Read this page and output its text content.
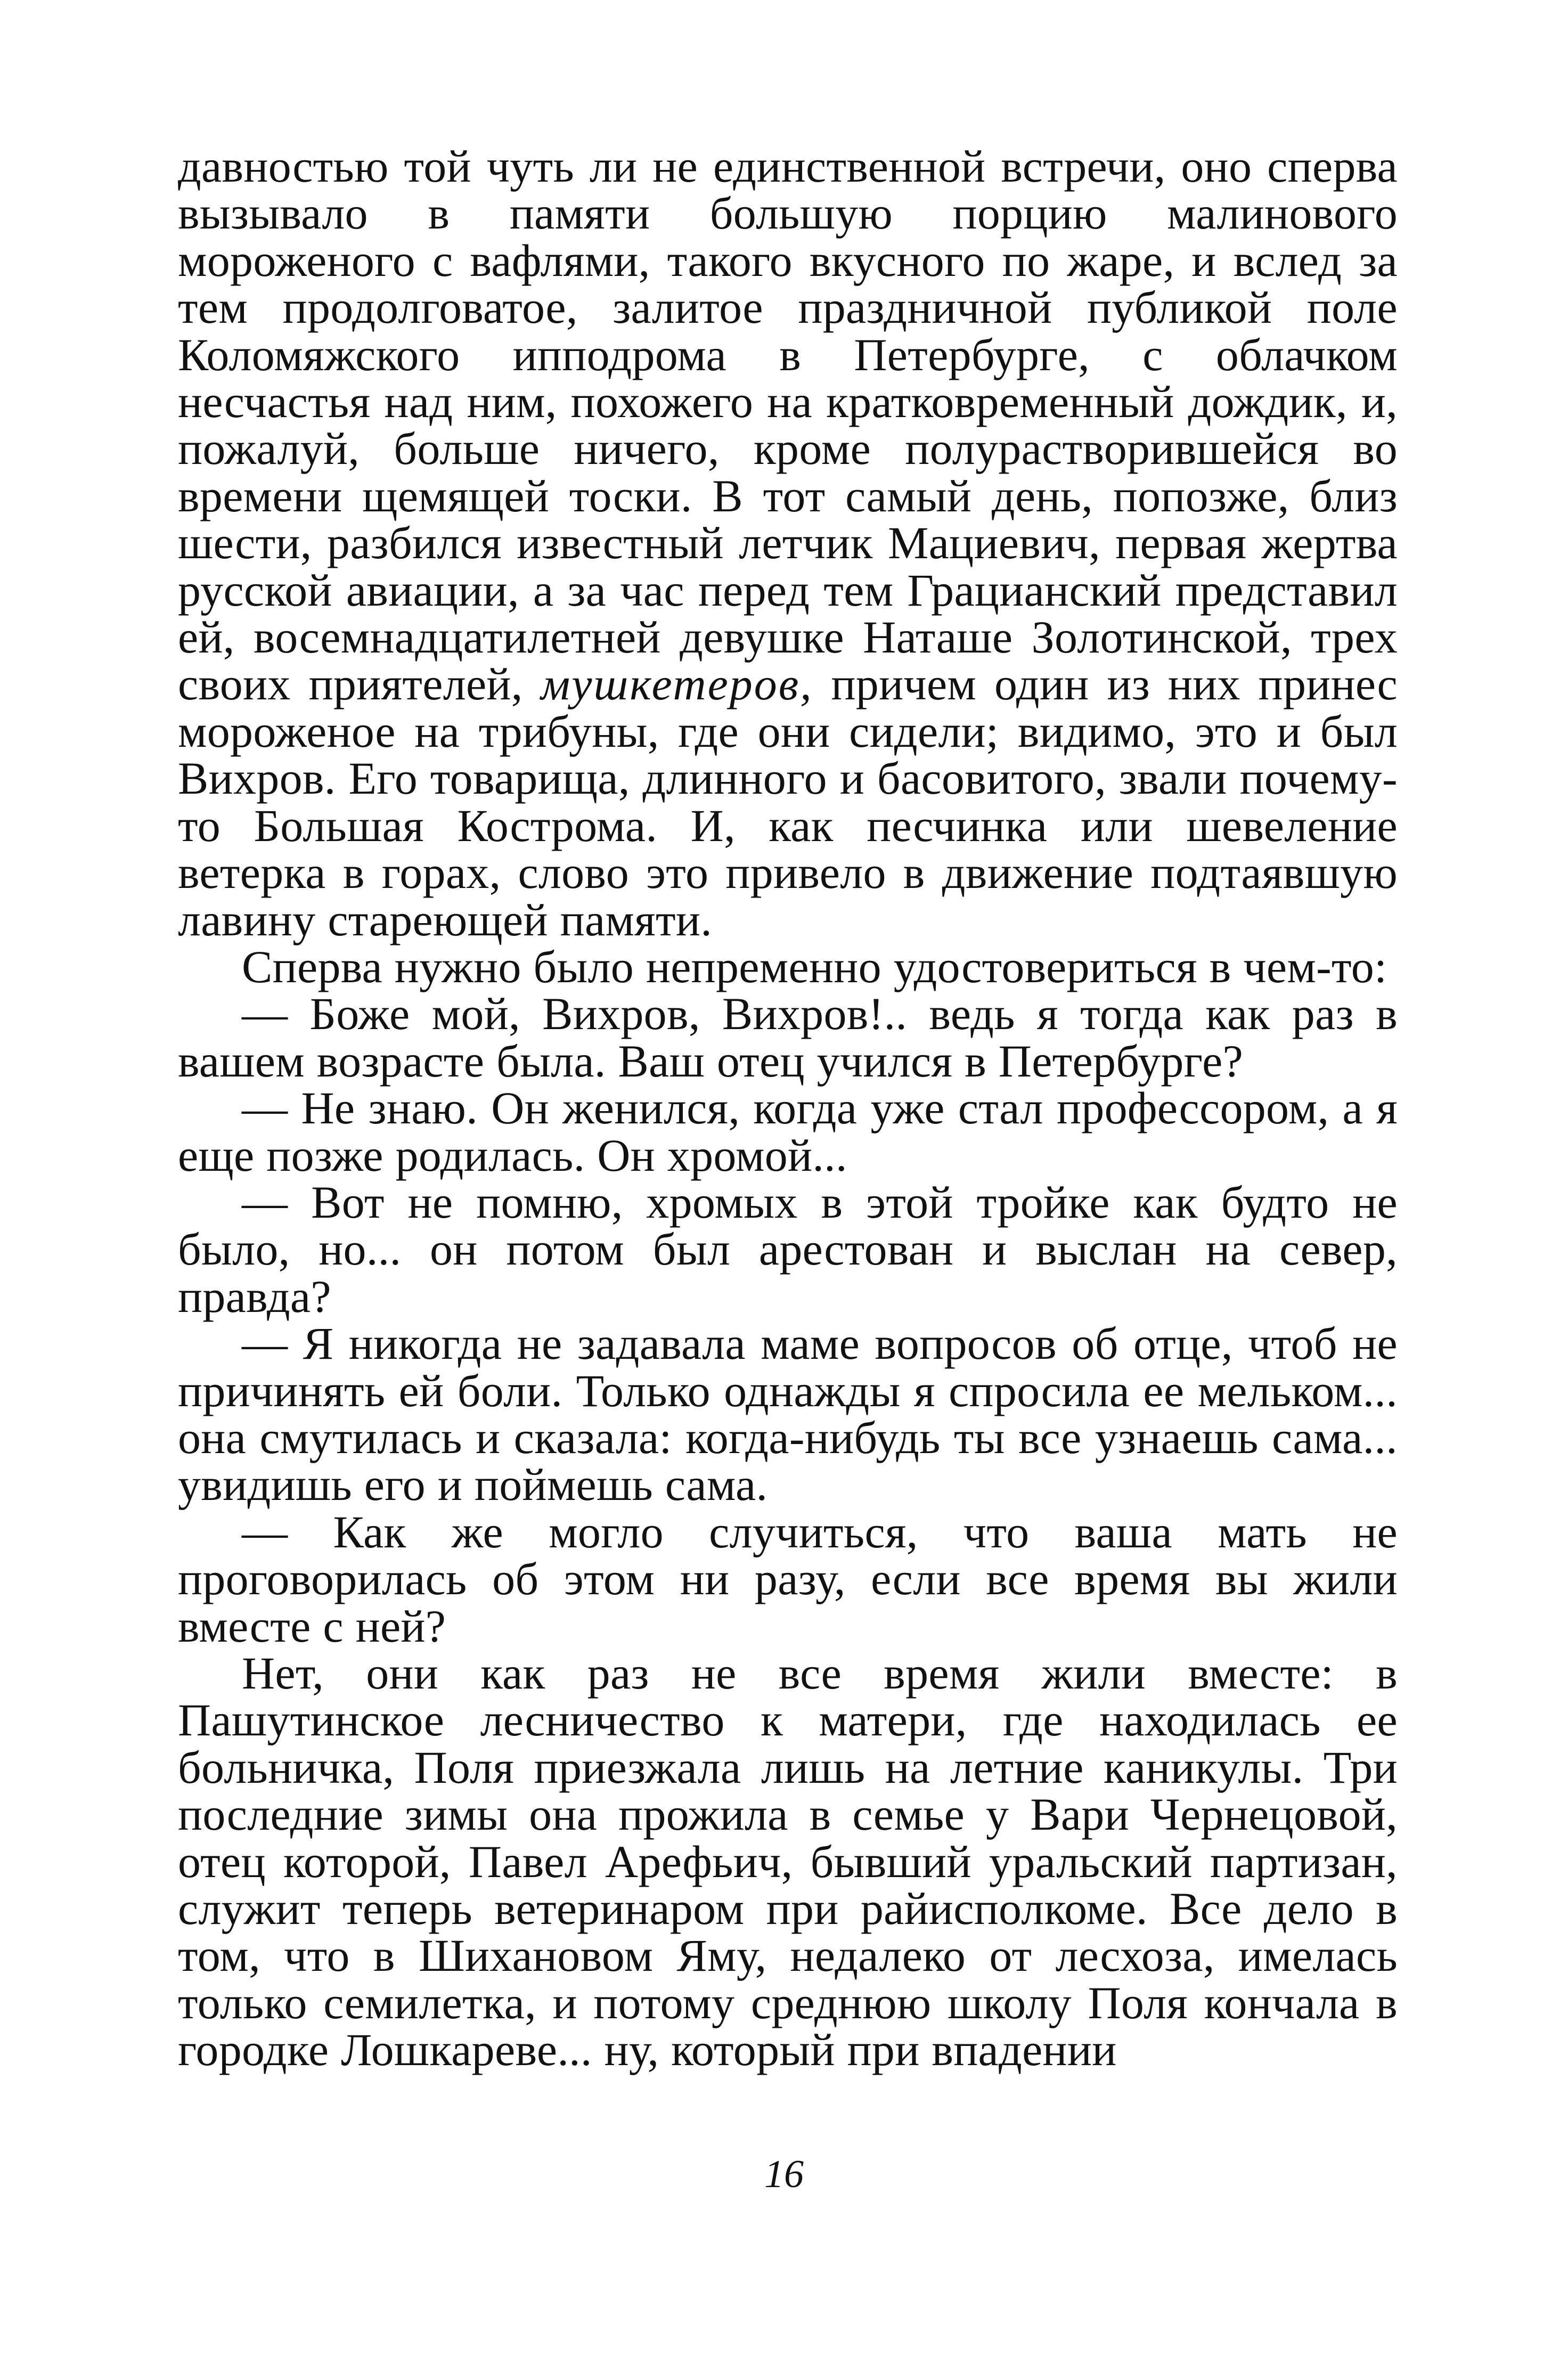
давностью той чуть ли не единственной встречи, оно сперва вызывало в памяти большую порцию малинового мороженого с вафлями, такого вкусного по жаре, и вслед за тем продолговатое, залитое праздничной публикой поле Коломяжского ипподрома в Петербурге, с облачком несчастья над ним, похожего на кратковременный дождик, и, пожалуй, больше ничего, кроме полурастворившейся во времени щемящей тоски. В тот самый день, попозже, близ шести, разбился известный летчик Мациевич, первая жертва русской авиации, а за час перед тем Грацианский представил ей, восемнадцатилетней девушке Наташе Золотинской, трех своих приятелей, мушкетеров, причем один из них принес мороженое на трибуны, где они сидели; видимо, это и был Вихров. Его товарища, длинного и басовитого, звали почему-то Большая Кострома. И, как песчинка или шевеление ветерка в горах, слово это привело в движение подтаявшую лавину стареющей памяти.

Сперва нужно было непременно удостовериться в чем-то:

— Боже мой, Вихров, Вихров!.. ведь я тогда как раз в вашем возрасте была. Ваш отец учился в Петербурге?

— Не знаю. Он женился, когда уже стал профессором, а я еще позже родилась. Он хромой...

— Вот не помню, хромых в этой тройке как будто не было, но... он потом был арестован и выслан на север, правда?

— Я никогда не задавала маме вопросов об отце, чтоб не причинять ей боли. Только однажды я спросила ее мельком... она смутилась и сказала: когда-нибудь ты все узнаешь сама... увидишь его и поймешь сама.

— Как же могло случиться, что ваша мать не проговорилась об этом ни разу, если все время вы жили вместе с ней?

Нет, они как раз не все время жили вместе: в Пашутинское лесничество к матери, где находилась ее больничка, Поля приезжала лишь на летние каникулы. Три последние зимы она прожила в семье у Вари Чернецовой, отец которой, Павел Арефьич, бывший уральский партизан, служит теперь ветеринаром при райисполкоме. Все дело в том, что в Шихановом Яму, недалеко от лесхоза, имелась только семилетка, и потому среднюю школу Поля кончала в городке Лошкареве... ну, который при впадении

16
